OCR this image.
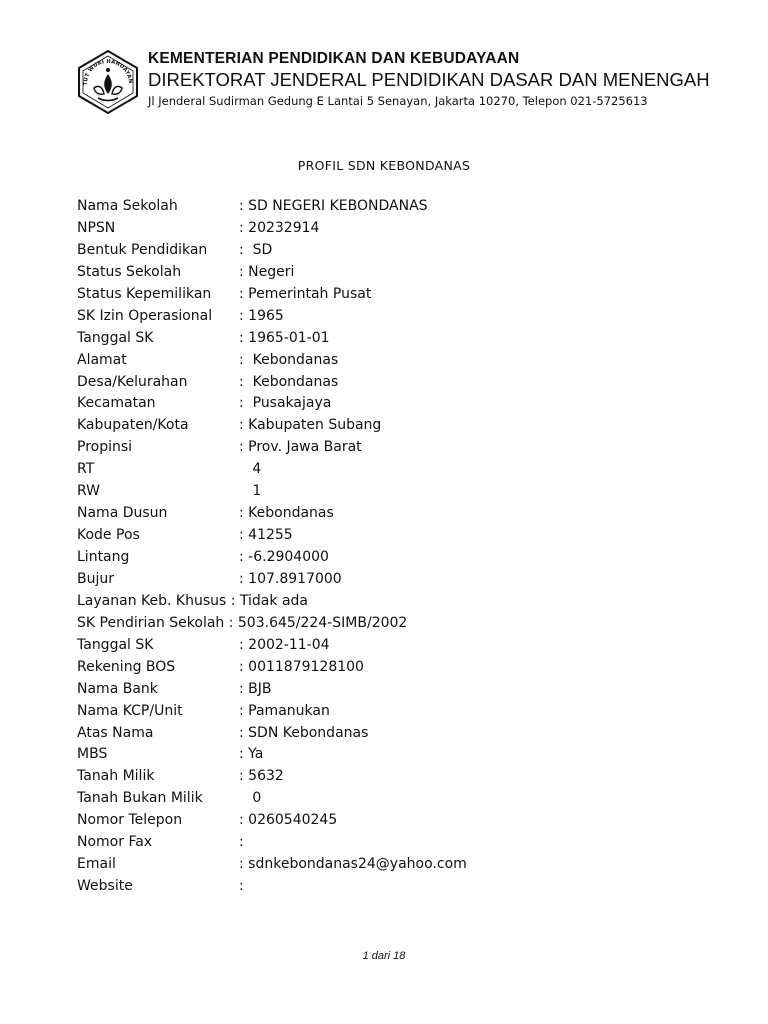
TUT WURI HANDAYAN
KEMENTERIAN PENDIDIKAN DAN KEBUDAYAAN
DIREKTORAT JENDERAL PENDIDIKAN DASAR DAN MENENGAH
Jl Jenderal Sudirman Gedung E Lantai 5 Senayan, Jakarta 10270, Telepon 021-5725613
PROFIL SDN KEBONDANAS
Nama Sekolah	: SD NEGERI KEBONDANAS
NPSN	: 20232914
Bentuk Pendidikan :  SD
Status Sekolah	: Negeri
Status Kepemilikan : Pemerintah Pusat
SK Izin Operasional : 1965
Tanggal SK	: 1965-01-01
Alamat	:  Kebondanas
Desa/Kelurahan	:  Kebondanas
Kecamatan	:  Pusakajaya
Kabupaten/Kota	: Kabupaten Subang
Propinsi	: Prov. Jawa Barat
RT	4
RW	1
Nama Dusun	: Kebondanas
Kode Pos	: 41255
Lintang	: -6.2904000
Bujur	: 107.8917000
Layanan Keb. Khusus : Tidak ada
SK Pendirian Sekolah : 503.645/224-SIMB/2002
Tanggal SK	: 2002-11-04
Rekening BOS	: 0011879128100
Nama Bank	: BJB
Nama KCP/Unit	: Pamanukan
Atas Nama	: SDN Kebondanas
MBS	: Ya
Tanah Milik	: 5632
Tanah Bukan Milik	0
Nomor Telepon	: 0260540245
Nomor Fax	:
Email	: sdnkebondanas24@yahoo.com
Website	:
1 dari 18
